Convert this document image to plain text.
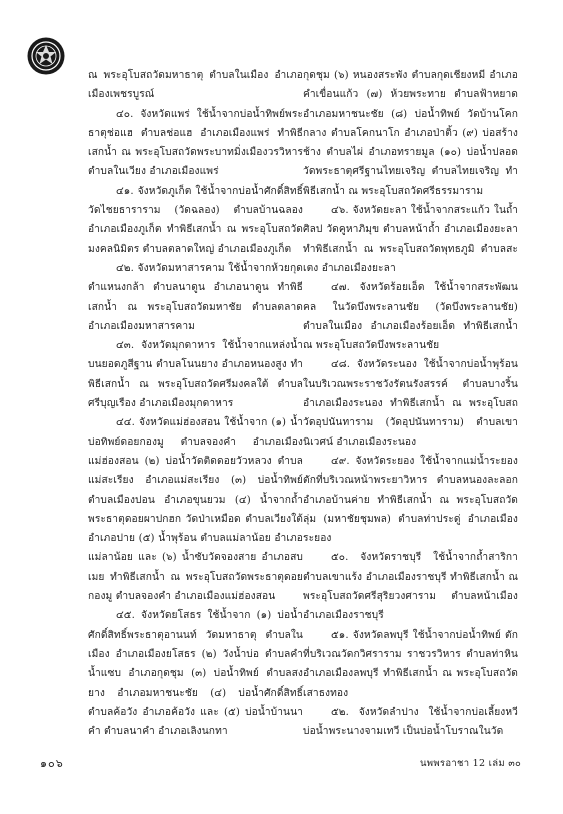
ณ พระอุโบสถวัดมหาธาตุ ตำบลในเมือง อำเภอเมืองเพชรบูรณ์

๔๐. จังหวัดแพร่ ใช้น้ำจากบ่อน้ำทิพย์พระธาตุช่อแฮ ตำบลช่อแฮ อำเภอเมืองแพร่ ทำพิธีเสกน้ำ ณ พระอุโบสถวัดพระบาทมิ่งเมืองวรวิหาร ตำบลในเวียง อำเภอเมืองแพร่

๔๑. จังหวัดภูเก็ต ใช้น้ำจากบ่อน้ำศักดิ์สิทธิ์วัดไชยธาราราม (วัดฉลอง) ตำบลบ้านฉลอง อำเภอเมืองภูเก็ต ทำพิธีเสกน้ำ ณ พระอุโบสถวัดมงคลนิมิตร ตำบลตลาดใหญ่ อำเภอเมืองภูเก็ต

๔๒. จังหวัดมหาสารคาม ใช้น้ำจากห้วยกุดตำแหนงกล้า ตำบลนาดูน อำเภอนาดูน ทำพิธีเสกน้ำ ณ พระอุโบสถวัดมหาชัย ตำบลตลาด อำเภอเมืองมหาสารคาม

๔๓. จังหวัดมุกดาหาร ใช้น้ำจากแหล่งน้ำบนยอดภูสีฐาน ตำบลโนนยาง อำเภอหนองสูง ทำพิธีเสกน้ำ ณ พระอุโบสถวัดศรีมงคลใต้ ตำบลศรีบุญเรือง อำเภอเมืองมุกดาหาร

๔๔. จังหวัดแม่ฮ่องสอน ใช้น้ำจาก (๑) น้ำบ่อทิพย์ดอยกองมู ตำบลจองคำ อำเภอเมืองแม่ฮ่องสอน (๒) บ่อน้ำวัดติดดอยวัวหลวง ตำบลแม่สะเรียง อำเภอแม่สะเรียง (๓) บ่อน้ำทิพย์ ตำบลเมืองปอน อำเภอขุนยวม (๔) น้ำจากถ้ำพระธาตุดอยผาปกฮก วัดป่าเหมือด ตำบลเวียงใต้ อำเภอปาย (๕) น้ำพุร้อน ตำบลแม่ลาน้อย อำเภอแม่ลาน้อย และ (๖) น้ำซับวัดจองสาย อำเภอสบเมย ทำพิธีเสกน้ำ ณ พระอุโบสถวัดพระธาตุดอยกองมู ตำบลจองคำ อำเภอเมืองแม่ฮ่องสอน

๔๕. จังหวัดยโสธร ใช้น้ำจาก (๑) บ่อน้ำศักดิ์สิทธิ์พระธาตุอานนท์ วัดมหาธาตุ ตำบลในเมือง อำเภอเมืองยโสธร (๒) วังน้ำบ่อ ตำบลคำน้ำแซบ อำเภอกุดชุม (๓) บ่อน้ำทิพย์ ตำบลสงยาง อำเภอมหาชนะชัย (๔) บ่อน้ำศักดิ์สิทธิ์ ตำบลค้อวัง อำเภอค้อวัง และ (๕) บ่อน้ำบ้านนาคำ ตำบลนาคำ อำเภอเลิงนกทา

กุดชุม (๖) หนองสระพัง ตำบลกุดเชียงหมี อำเภอคำเขื่อนแก้ว (๗) ห้วยพระทาย ตำบลฟ้าหยาด อำเภอมหาชนะชัย (๘) บ่อน้ำทิพย์ วัดบ้านโคกกลาง ตำบลโคกนาโก อำเภอป่าติ้ว (๙) บ่อสร้างช้าง ตำบลไผ่ อำเภอทรายมูล (๑๐) บ่อน้ำปลอดวัดพระธาตุศรีฐานไทยเจริญ ตำบลไทยเจริญ ทำพิธีเสกน้ำ ณ พระอุโบสถวัดศรีธรรมาราม

๔๖. จังหวัดยะลา ใช้น้ำจากสระแก้ว ในถ้ำศิลป วัดคูหาภิมุข ตำบลหน้าถ้ำ อำเภอเมืองยะลา ทำพิธีเสกน้ำ ณ พระอุโบสถวัดพุทธภูมิ ตำบลสะเตง อำเภอเมืองยะลา

๔๗. จังหวัดร้อยเอ็ด ใช้น้ำจากสระพัฒนคล ในวัดบึงพระลานชัย (วัดบึงพระลานชัย) ตำบลในเมือง อำเภอเมืองร้อยเอ็ด ทำพิธีเสกน้ำ ณ พระอุโบสถวัดบึงพระลานชัย

๔๘. จังหวัดระนอง ใช้น้ำจากบ่อน้ำพุร้อนในบริเวณพระราชวังรัตนรังสรรค์ ตำบลบางริ้น อำเภอเมืองระนอง ทำพิธีเสกน้ำ ณ พระอุโบสถวัดอุปนันทาราม (วัดอุปนันทาราม) ตำบลเขานิเวศน์ อำเภอเมืองระนอง

๔๙. จังหวัดระยอง ใช้น้ำจากแม่น้ำระยอง ตักที่บริเวณหน้าพระยาวิหาร ตำบลหนองละลอก อำเภอบ้านค่าย ทำพิธีเสกน้ำ ณ พระอุโบสถวัดลุ่ม (มหาชัยชุมพล) ตำบลท่าประดู่ อำเภอเมืองระยอง

๕๐. จังหวัดราชบุรี ใช้น้ำจากถ้ำสาริกา ตำบลเขาแร้ง อำเภอเมืองราชบุรี ทำพิธีเสกน้ำ ณ พระอุโบสถวัดศรีสุริยวงศาราม ตำบลหน้าเมือง อำเภอเมืองราชบุรี

๕๑. จังหวัดลพบุรี ใช้น้ำจากบ่อน้ำทิพย์ ตักที่บริเวณวัดกวิศราราม ราชวรวิหาร ตำบลท่าหิน อำเภอเมืองลพบุรี ทำพิธีเสกน้ำ ณ พระอุโบสถวัดเสาธงทอง

๕๒. จังหวัดลำปาง ใช้น้ำจากบ่อเลี้ยงหวีบ่อน้ำพระนางจามเทวี เป็นบ่อน้ำโบราณในวัด

๑๐๖	นพพรอาชา 12 เล่ม ๓๐
